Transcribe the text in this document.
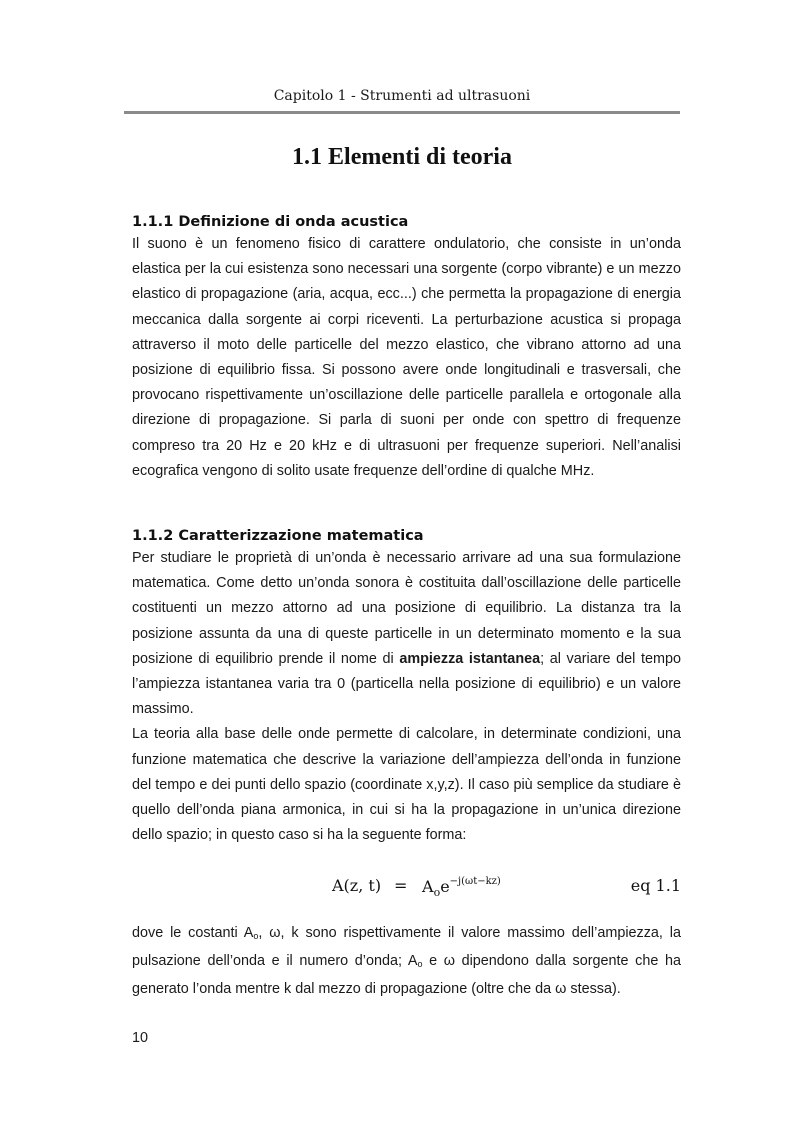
Capitolo 1 - Strumenti ad ultrasuoni
1.1 Elementi di teoria
1.1.1 Definizione di onda acustica

Il suono è un fenomeno fisico di carattere ondulatorio, che consiste in un’onda elastica per la cui esistenza sono necessari una sorgente (corpo vibrante) e un mezzo elastico di propagazione (aria, acqua, ecc...) che permetta la propagazione di energia meccanica dalla sorgente ai corpi riceventi. La perturbazione acustica si propaga attraverso il moto delle particelle del mezzo elastico, che vibrano attorno ad una posizione di equilibrio fissa. Si possono avere onde longitudinali e trasversali, che provocano rispettivamente un’oscillazione delle particelle parallela e ortogonale alla direzione di propagazione. Si parla di suoni per onde con spettro di frequenze compreso tra 20 Hz e 20 kHz e di ultrasuoni per frequenze superiori. Nell’analisi ecografica vengono di solito usate frequenze dell’ordine di qualche MHz.

1.1.2 Caratterizzazione matematica

Per studiare le proprietà di un’onda è necessario arrivare ad una sua formulazione matematica. Come detto un’onda sonora è costituita dall’oscillazione delle particelle costituenti un mezzo attorno ad una posizione di equilibrio. La distanza tra la posizione assunta da una di queste particelle in un determinato momento e la sua posizione di equilibrio prende il nome di ampiezza istantanea; al variare del tempo l’ampiezza istantanea varia tra 0 (particella nella posizione di equilibrio) e un valore massimo.

La teoria alla base delle onde permette di calcolare, in determinate condizioni, una funzione matematica che descrive la variazione dell’ampiezza dell’onda in funzione del tempo e dei punti dello spazio (coordinate x,y,z). Il caso più semplice da studiare è quello dell’onda piana armonica, in cui si ha la propagazione in un’unica direzione dello spazio; in questo caso si ha la seguente forma:

A(z, $t) = A_oe^{-j(\omega t-kz)}$	eq 1.1

dove le costanti Ao, ω, k sono rispettivamente il valore massimo dell’ampiezza, la pulsazione dell’onda e il numero d’onda; Ao e ω dipendono dalla sorgente che ha generato l’onda mentre k dal mezzo di propagazione (oltre che da ω stessa).

10
